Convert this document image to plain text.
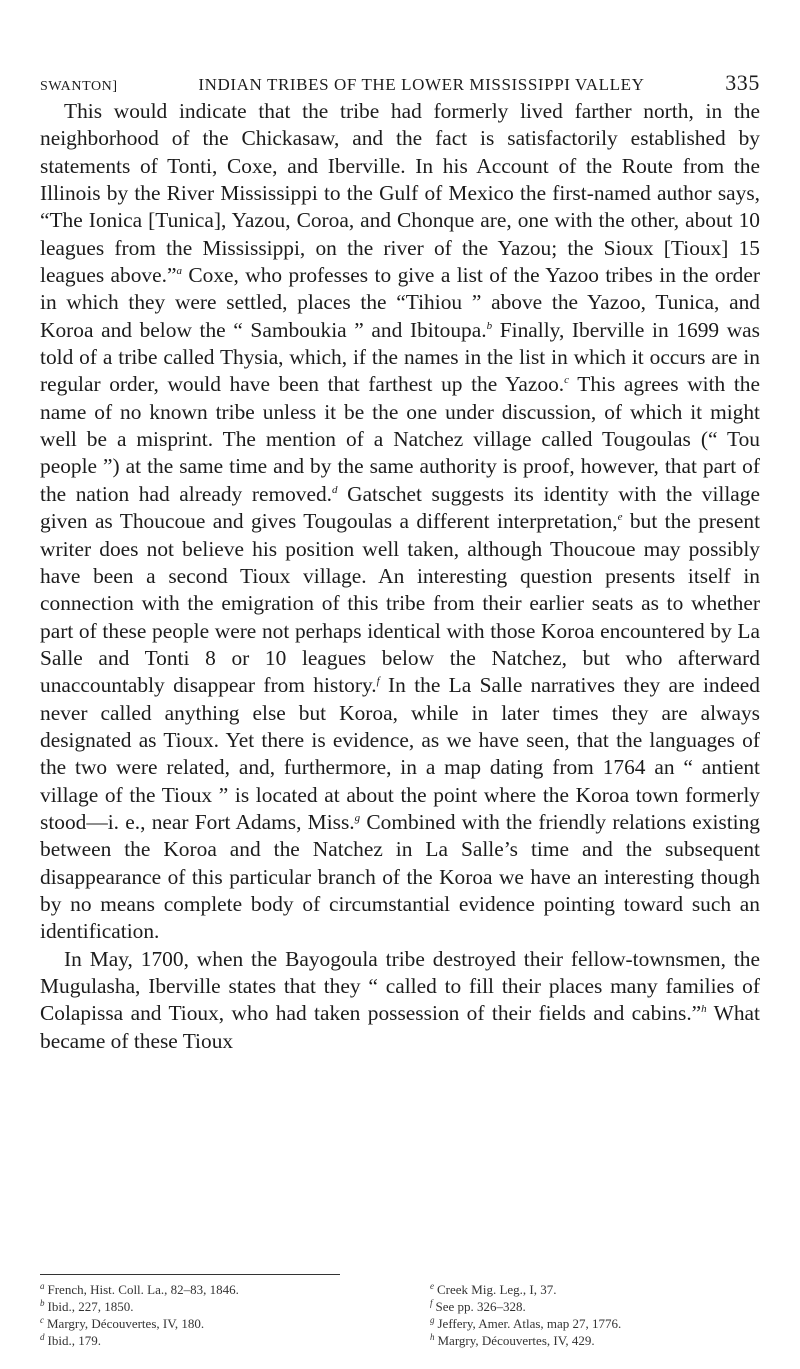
SWANTON]	INDIAN TRIBES OF THE LOWER MISSISSIPPI VALLEY	335

This would indicate that the tribe had formerly lived farther north, in the neighborhood of the Chickasaw, and the fact is satisfactorily established by statements of Tonti, Coxe, and Iberville. In his Account of the Route from the Illinois by the River Mississippi to the Gulf of Mexico the first-named author says, “The Ionica [Tunica], Yazou, Coroa, and Chonque are, one with the other, about 10 leagues from the Mississippi, on the river of the Yazou; the Sioux [Tioux] 15 leagues above.”$^a$ Coxe, who professes to give a list of the Yazoo tribes in the order in which they were settled, places the “Tihiou ” above the Yazoo, Tunica, and Koroa and below the “ Samboukia ” and Ibitoupa.$^b$ Finally, Iberville in 1699 was told of a tribe called Thysia, which, if the names in the list in which it occurs are in regular order, would have been that farthest up the Yazoo.$^c$ This agrees with the name of no known tribe unless it be the one under discussion, of which it might well be a misprint. The mention of a Natchez village called Tougoulas (“ Tou people ”) at the same time and by the same authority is proof, however, that part of the nation had already removed.$^d$ Gatschet suggests its identity with the village given as Thoucoue and gives Tougoulas a different interpretation,$^e$ but the present writer does not believe his position well taken, although Thoucoue may possibly have been a second Tioux village. An interesting question presents itself in connection with the emigration of this tribe from their earlier seats as to whether part of these people were not perhaps identical with those Koroa encountered by La Salle and Tonti 8 or 10 leagues below the Natchez, but who afterward unaccountably disappear from history.$^f$ In the La Salle narratives they are indeed never called anything else but Koroa, while in later times they are always designated as Tioux. Yet there is evidence, as we have seen, that the languages of the two were related, and, furthermore, in a map dating from 1764 an “ antient village of the Tioux ” is located at about the point where the Koroa town formerly stood—i. e., near Fort Adams, Miss.$^g$ Combined with the friendly relations existing between the Koroa and the Natchez in La Salle’s time and the subsequent disappearance of this particular branch of the Koroa we have an interesting though by no means complete body of circumstantial evidence pointing toward such an identification.

In May, 1700, when the Bayogoula tribe destroyed their fellow-townsmen, the Mugulasha, Iberville states that they “ called to fill their places many families of Colapissa and Tioux, who had taken possession of their fields and cabins.”$^h$ What became of these Tioux

$^a$ French, Hist. Coll. La., 82–83, 1846.
$^b$ Ibid., 227, 1850.
$^c$ Margry, Découvertes, IV, 180.
$^d$ Ibid., 179.
$^e$ Creek Mig. Leg., I, 37.
$^f$ See pp. 326–328.
$^g$ Jeffery, Amer. Atlas, map 27, 1776.
$^h$ Margry, Découvertes, IV, 429.
